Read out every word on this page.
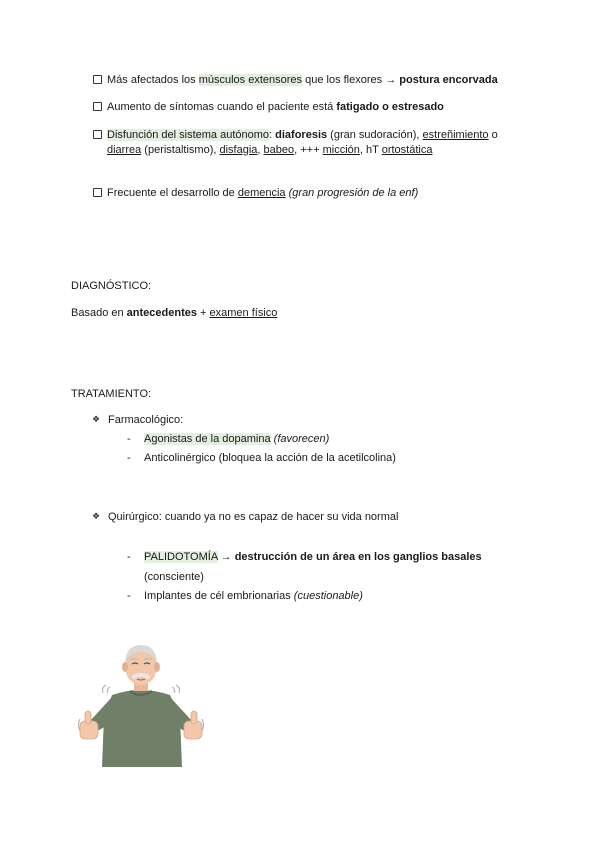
Más afectados los músculos extensores que los flexores → postura encorvada
Aumento de síntomas cuando el paciente está fatigado o estresado
Disfunción del sistema autónomo: diaforesis (gran sudoración), estreñimiento o
diarrea (peristaltismo), disfagia, babeo, +++ micción, hT ortostática
Frecuente el desarrollo de demencia (gran progresión de la enf)
DIAGNÓSTICO:
Basado en antecedentes + examen físico
TRATAMIENTO:
❖ Farmacológico:
- Agonistas de la dopamina (favorecen)
- Anticolinérgico (bloquea la acción de la acetilcolina)
❖ Quirúrgico: cuando ya no es capaz de hacer su vida normal
- PALIDOTOMÍA → destrucción de un área en los ganglios basales
(consciente)
- Implantes de cél embrionarias (cuestionable)
